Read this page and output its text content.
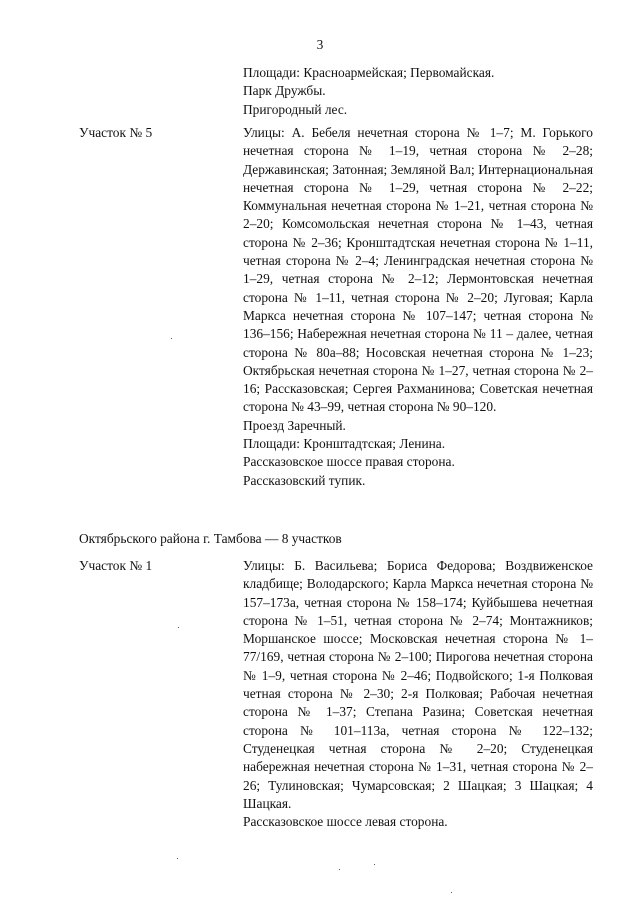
3
Площади: Красноармейская; Первомайская.
Парк Дружбы.
Пригородный лес.
Участок № 5	Улицы: А. Бебеля нечетная сторона № 1–7; М. Горького нечетная сторона № 1–19, четная сторона № 2–28; Державинская; Затонная; Земляной Вал; Интернациональная нечетная сторона № 1–29, четная сторона № 2–22; Коммунальная нечетная сторона № 1–21, четная сторона № 2–20; Комсомольская нечетная сторона № 1–43, четная сторона № 2–36; Кронштадтская нечетная сторона № 1–11, четная сторона № 2–4; Ленинградская нечетная сторона № 1–29, четная сторона № 2–12; Лермонтовская нечетная сторона № 1–11, четная сторона № 2–20; Луговая; Карла Маркса нечетная сторона № 107–147; четная сторона № 136–156; Набережная нечетная сторона № 11 – далее, четная сторона № 80а–88; Носовская нечетная сторона № 1–23; Октябрьская нечетная сторона № 1–27, четная сторона № 2–16; Рассказовская; Сергея Рахманинова; Советская нечетная сторона № 43–99, четная сторона № 90–120.
Проезд Заречный.
Площади: Кронштадтская; Ленина.
Рассказовское шоссе правая сторона.
Рассказовский тупик.
Октябрьского района г. Тамбова — 8 участков
Участок № 1	Улицы: Б. Васильева; Бориса Федорова; Воздвиженское кладбище; Володарского; Карла Маркса нечетная сторона № 157–173а, четная сторона № 158–174; Куйбышева нечетная сторона № 1–51, четная сторона № 2–74; Монтажников; Моршанское шоссе; Московская нечетная сторона № 1–77/169, четная сторона № 2–100; Пирогова нечетная сторона № 1–9, четная сторона № 2–46; Подвойского; 1-я Полковая четная сторона № 2–30; 2-я Полковая; Рабочая нечетная сторона № 1–37; Степана Разина; Советская нечетная сторона № 101–113а, четная сторона № 122–132; Студенецкая четная сторона № 2–20; Студенецкая набережная нечетная сторона № 1–31, четная сторона № 2–26; Тулиновская; Чумарсовская; 2 Шацкая; 3 Шацкая; 4 Шацкая.
Рассказовское шоссе левая сторона.
